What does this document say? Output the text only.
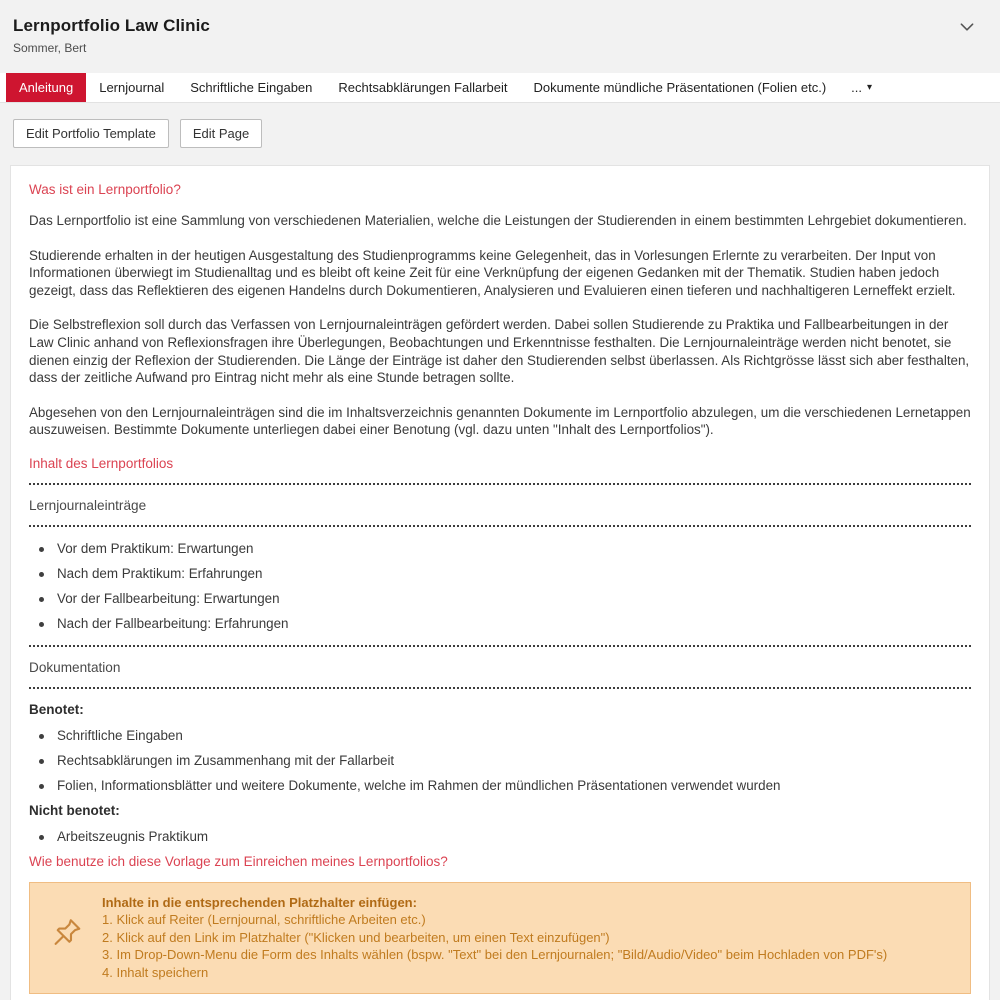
Lernportfolio Law Clinic
Sommer, Bert
Anleitung	Lernjournal	Schriftliche Eingaben	Rechtsabklärungen Fallarbeit	Dokumente mündliche Präsentationen (Folien etc.)	... ▾
Edit Portfolio Template	Edit Page
Was ist ein Lernportfolio?

Das Lernportfolio ist eine Sammlung von verschiedenen Materialien, welche die Leistungen der Studierenden in einem bestimmten Lehrgebiet dokumentieren.

Studierende erhalten in der heutigen Ausgestaltung des Studienprogramms keine Gelegenheit, das in Vorlesungen Erlernte zu verarbeiten. Der Input von Informationen überwiegt im Studienalltag und es bleibt oft keine Zeit für eine Verknüpfung der eigenen Gedanken mit der Thematik. Studien haben jedoch gezeigt, dass das Reflektieren des eigenen Handelns durch Dokumentieren, Analysieren und Evaluieren einen tieferen und nachhaltigeren Lerneffekt erzielt.

Die Selbstreflexion soll durch das Verfassen von Lernjournaleinträgen gefördert werden. Dabei sollen Studierende zu Praktika und Fallbearbeitungen in der Law Clinic anhand von Reflexionsfragen ihre Überlegungen, Beobachtungen und Erkenntnisse festhalten. Die Lernjournaleinträge werden nicht benotet, sie dienen einzig der Reflexion der Studierenden. Die Länge der Einträge ist daher den Studierenden selbst überlassen. Als Richtgrösse lässt sich aber festhalten, dass der zeitliche Aufwand pro Eintrag nicht mehr als eine Stunde betragen sollte.

Abgesehen von den Lernjournaleinträgen sind die im Inhaltsverzeichnis genannten Dokumente im Lernportfolio abzulegen, um die verschiedenen Lernetappen auszuweisen. Bestimmte Dokumente unterliegen dabei einer Benotung (vgl. dazu unten "Inhalt des Lernportfolios").

Inhalt des Lernportfolios
Lernjournaleinträge
Vor dem Praktikum: Erwartungen
Nach dem Praktikum: Erfahrungen
Vor der Fallbearbeitung: Erwartungen
Nach der Fallbearbeitung: Erfahrungen
Dokumentation
Benotet:
Schriftliche Eingaben
Rechtsabklärungen im Zusammenhang mit der Fallarbeit
Folien, Informationsblätter und weitere Dokumente, welche im Rahmen der mündlichen Präsentationen verwendet wurden
Nicht benotet:
Arbeitszeugnis Praktikum
Wie benutze ich diese Vorlage zum Einreichen meines Lernportfolios?
Inhalte in die entsprechenden Platzhalter einfügen:
1. Klick auf Reiter (Lernjournal, schriftliche Arbeiten etc.)
2. Klick auf den Link im Platzhalter ("Klicken und bearbeiten, um einen Text einzufügen")
3. Im Drop-Down-Menu die Form des Inhalts wählen (bspw. "Text" bei den Lernjournalen; "Bild/Audio/Video" beim Hochladen von PDF's)
4. Inhalt speichern
